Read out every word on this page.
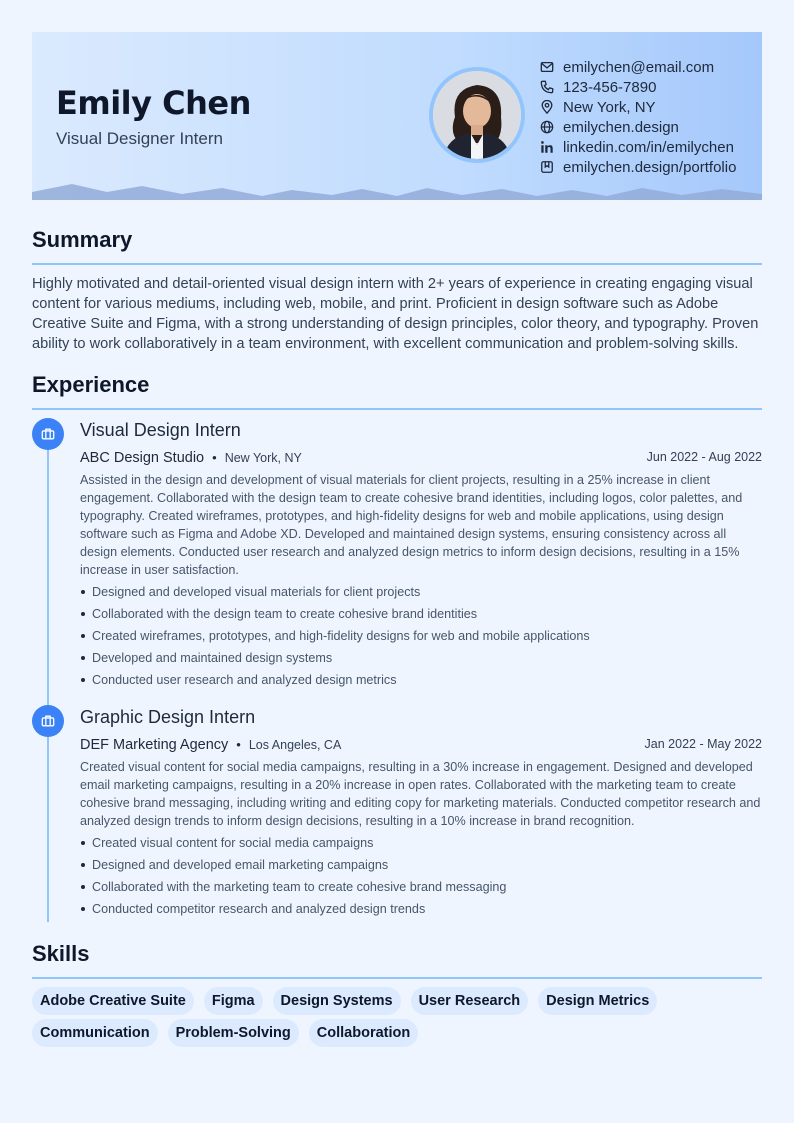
Emily Chen
Visual Designer Intern
emilychen@email.com
123-456-7890
New York, NY
emilychen.design
linkedin.com/in/emilychen
emilychen.design/portfolio
Summary
Highly motivated and detail-oriented visual design intern with 2+ years of experience in creating engaging visual content for various mediums, including web, mobile, and print. Proficient in design software such as Adobe Creative Suite and Figma, with a strong understanding of design principles, color theory, and typography. Proven ability to work collaboratively in a team environment, with excellent communication and problem-solving skills.
Experience
Visual Design Intern
ABC Design Studio • New York, NY	Jun 2022 - Aug 2022
Assisted in the design and development of visual materials for client projects, resulting in a 25% increase in client engagement. Collaborated with the design team to create cohesive brand identities, including logos, color palettes, and typography. Created wireframes, prototypes, and high-fidelity designs for web and mobile applications, using design software such as Figma and Adobe XD. Developed and maintained design systems, ensuring consistency across all design elements. Conducted user research and analyzed design metrics to inform design decisions, resulting in a 15% increase in user satisfaction.
Designed and developed visual materials for client projects
Collaborated with the design team to create cohesive brand identities
Created wireframes, prototypes, and high-fidelity designs for web and mobile applications
Developed and maintained design systems
Conducted user research and analyzed design metrics
Graphic Design Intern
DEF Marketing Agency • Los Angeles, CA	Jan 2022 - May 2022
Created visual content for social media campaigns, resulting in a 30% increase in engagement. Designed and developed email marketing campaigns, resulting in a 20% increase in open rates. Collaborated with the marketing team to create cohesive brand messaging, including writing and editing copy for marketing materials. Conducted competitor research and analyzed design trends to inform design decisions, resulting in a 10% increase in brand recognition.
Created visual content for social media campaigns
Designed and developed email marketing campaigns
Collaborated with the marketing team to create cohesive brand messaging
Conducted competitor research and analyzed design trends
Skills
Adobe Creative Suite	Figma	Design Systems	User Research	Design Metrics
Communication	Problem-Solving	Collaboration
